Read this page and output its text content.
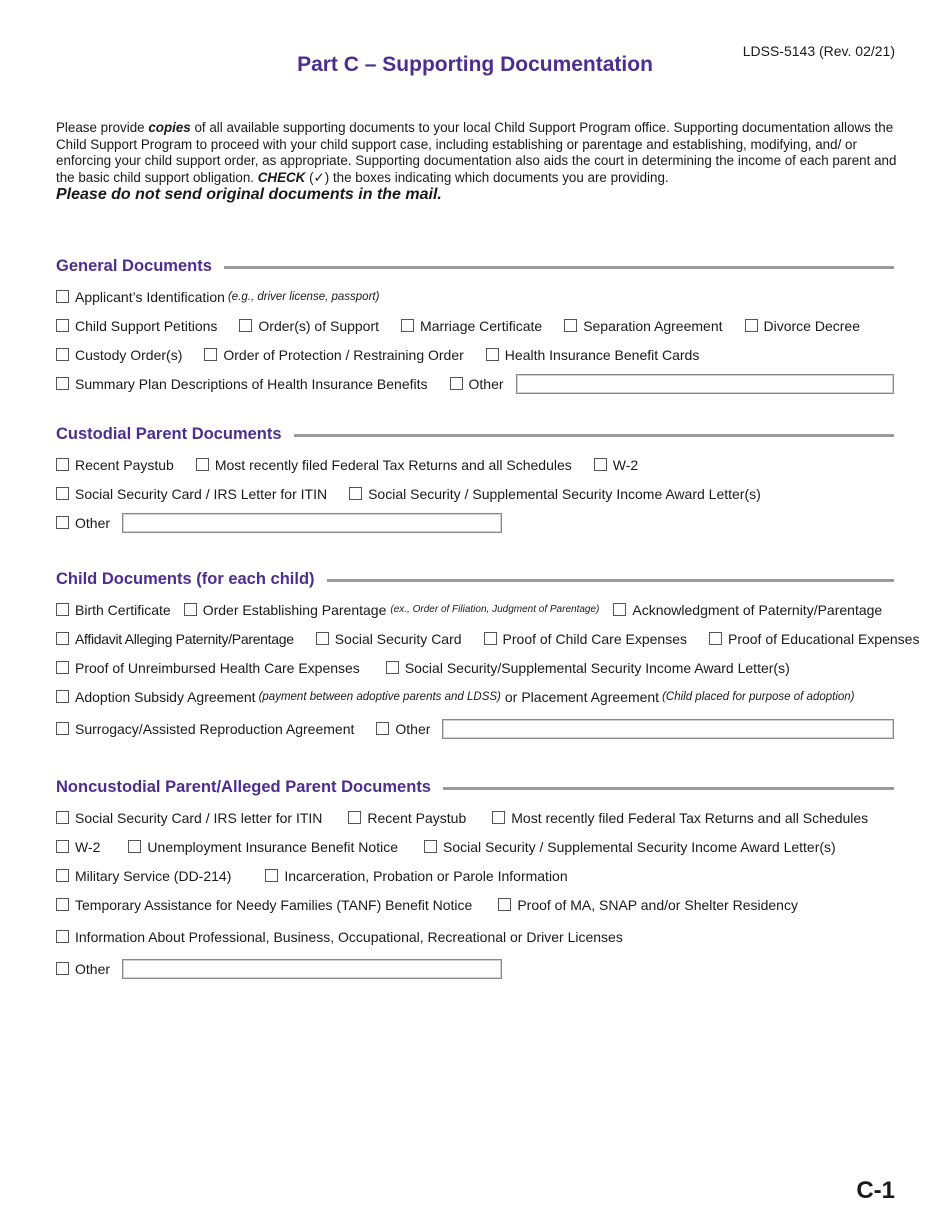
LDSS-5143 (Rev. 02/21)
Part C – Supporting Documentation
Please provide copies of all available supporting documents to your local Child Support Program office. Supporting documentation allows the Child Support Program to proceed with your child support case, including establishing or parentage and establishing, modifying, and/ or enforcing your child support order, as appropriate. Supporting documentation also aids the court in determining the income of each parent and the basic child support obligation. CHECK (✓) the boxes indicating which documents you are providing.
Please do not send original documents in the mail.
General Documents
Applicant’s Identification (e.g., driver license, passport)
Child Support Petitions	Order(s) of Support	Marriage Certificate	Separation Agreement	Divorce Decree
Custody Order(s)	Order of Protection / Restraining Order	Health Insurance Benefit Cards
Summary Plan Descriptions of Health Insurance Benefits	Other
Custodial Parent Documents
Recent Paystub	Most recently filed Federal Tax Returns and all Schedules	W-2
Social Security Card / IRS Letter for ITIN	Social Security / Supplemental Security Income Award Letter(s)
Other
Child Documents (for each child)
Birth Certificate Order Establishing Parentage (ex., Order of Filiation, Judgment of Parentage) Acknowledgment of Paternity/Parentage
Affidavit Alleging Paternity/Parentage	Social Security Card	Proof of Child Care Expenses	Proof of Educational Expenses
Proof of Unreimbursed Health Care Expenses	Social Security/Supplemental Security Income Award Letter(s)
Adoption Subsidy Agreement (payment between adoptive parents and LDSS) or Placement Agreement (Child placed for purpose of adoption)
Surrogacy/Assisted Reproduction Agreement	Other
Noncustodial Parent/Alleged Parent Documents
Social Security Card / IRS letter for ITIN	Recent Paystub	Most recently filed Federal Tax Returns and all Schedules
W-2	Unemployment Insurance Benefit Notice	Social Security / Supplemental Security Income Award Letter(s)
Military Service (DD-214)	Incarceration, Probation or Parole Information
Temporary Assistance for Needy Families (TANF) Benefit Notice	Proof of MA, SNAP and/or Shelter Residency
Information About Professional, Business, Occupational, Recreational or Driver Licenses
Other
C-1
